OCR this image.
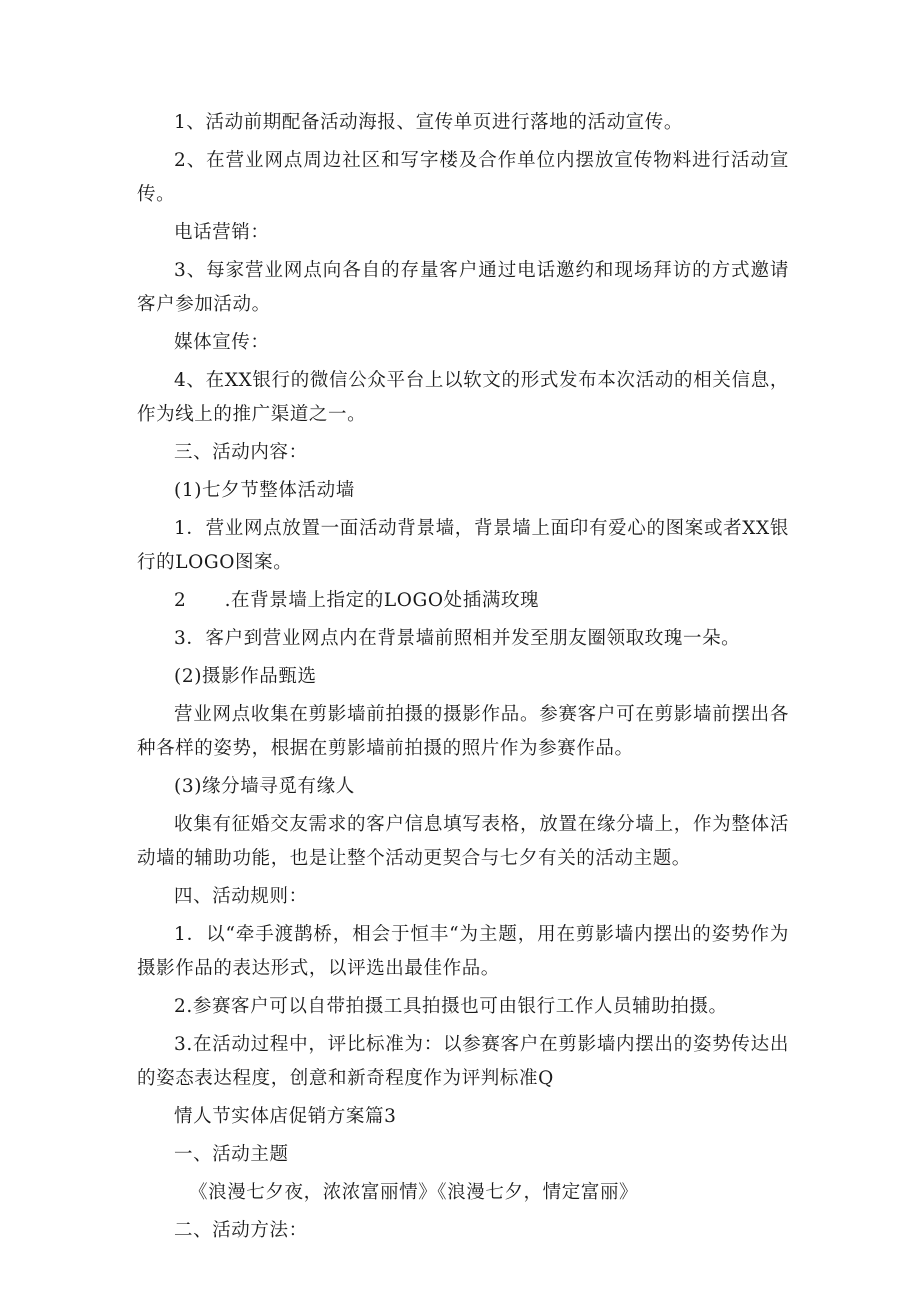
1、活动前期配备活动海报、宣传单页进行落地的活动宣传。

2、在营业网点周边社区和写字楼及合作单位内摆放宣传物料进行活动宣传。

电话营销：

3、每家营业网点向各自的存量客户通过电话邀约和现场拜访的方式邀请客户参加活动。

媒体宣传：

4、在XX银行的微信公众平台上以软文的形式发布本次活动的相关信息，作为线上的推广渠道之一。

三、活动内容：

(1)七夕节整体活动墙

1．营业网点放置一面活动背景墙，背景墙上面印有爱心的图案或者XX银行的LOGO图案。

2　　.在背景墙上指定的LOGO处插满玫瑰

3．客户到营业网点内在背景墙前照相并发至朋友圈领取玫瑰一朵。

(2)摄影作品甄选

营业网点收集在剪影墙前拍摄的摄影作品。参赛客户可在剪影墙前摆出各种各样的姿势，根据在剪影墙前拍摄的照片作为参赛作品。

(3)缘分墙寻觅有缘人

收集有征婚交友需求的客户信息填写表格，放置在缘分墙上，作为整体活动墙的辅助功能，也是让整个活动更契合与七夕有关的活动主题。

四、活动规则：

1．以“牵手渡鹊桥，相会于恒丰“为主题，用在剪影墙内摆出的姿势作为摄影作品的表达形式，以评选出最佳作品。

2.参赛客户可以自带拍摄工具拍摄也可由银行工作人员辅助拍摄。

3.在活动过程中，评比标准为：以参赛客户在剪影墙内摆出的姿势传达出的姿态表达程度，创意和新奇程度作为评判标准Q

情人节实体店促销方案篇3

一、活动主题

《浪漫七夕夜，浓浓富丽情》《浪漫七夕，情定富丽》

二、活动方法：
